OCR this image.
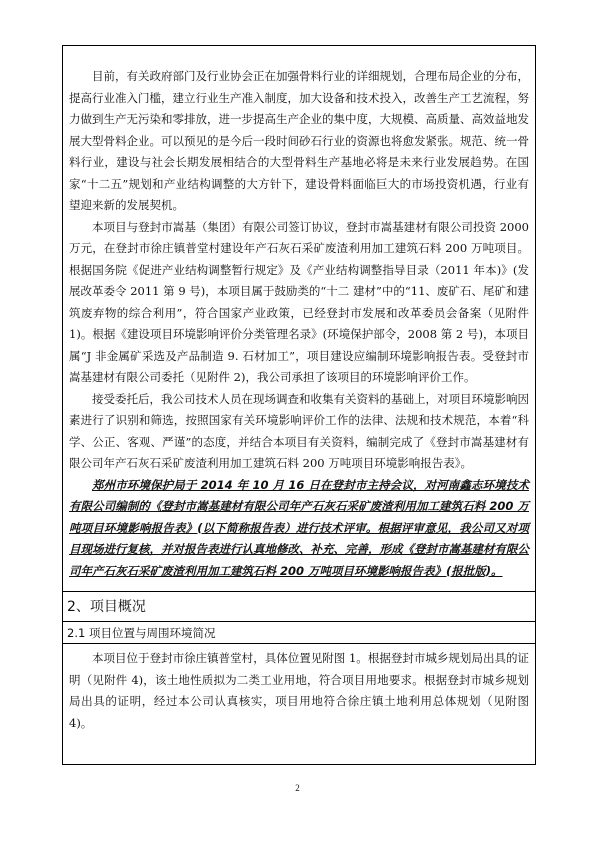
目前，有关政府部门及行业协会正在加强骨料行业的详细规划，合理布局企业的分布，提高行业准入门槛，建立行业生产准入制度，加大设备和技术投入，改善生产工艺流程，努力做到生产无污染和零排放，进一步提高生产企业的集中度，大规模、高质量、高效益地发展大型骨料企业。可以预见的是今后一段时间砂石行业的资源也将愈发紧张。规范、统一骨料行业，建设与社会长期发展相结合的大型骨料生产基地必将是未来行业发展趋势。在国家“十二五”规划和产业结构调整的大方针下，建设骨料面临巨大的市场投资机遇，行业有望迎来新的发展契机。

本项目与登封市嵩基（集团）有限公司签订协议，登封市嵩基建材有限公司投资 2000 万元，在登封市徐庄镇普堂村建设年产石灰石采矿废渣利用加工建筑石料 200 万吨项目。根据国务院《促进产业结构调整暂行规定》及《产业结构调整指导目录（2011 年本)》(发展改革委令 2011 第 9 号)，本项目属于鼓励类的“十二 建材”中的“11、废矿石、尾矿和建筑废弃物的综合利用”，符合国家产业政策，已经登封市发展和改革委员会备案（见附件 1)。根据《建设项目环境影响评价分类管理名录》(环境保护部令，2008 第 2 号)，本项目属“J 非金属矿采选及产品制造 9. 石材加工”，项目建设应编制环境影响报告表。受登封市嵩基建材有限公司委托（见附件 2)，我公司承担了该项目的环境影响评价工作。

接受委托后，我公司技术人员在现场调查和收集有关资料的基础上，对项目环境影响因素进行了识别和筛选，按照国家有关环境影响评价工作的法律、法规和技术规范，本着“科学、公正、客观、严谨”的态度，并结合本项目有关资料，编制完成了《登封市嵩基建材有限公司年产石灰石采矿废渣利用加工建筑石料 200 万吨项目环境影响报告表》。

郑州市环境保护局于 2014 年 10 月 16 日在登封市主持会议，对河南鑫志环境技术有限公司编制的《登封市嵩基建材有限公司年产石灰石采矿废渣利用加工建筑石料 200 万吨项目环境影响报告表》(以下简称报告表）进行技术评审。根据评审意见，我公司又对项目现场进行复核，并对报告表进行认真地修改、补充、完善，形成《登封市嵩基建材有限公司年产石灰石采矿废渣利用加工建筑石料 200 万吨项目环境影响报告表》(报批版)。

2、项目概况
2.1 项目位置与周围环境简况

本项目位于登封市徐庄镇普堂村，具体位置见附图 1。根据登封市城乡规划局出具的证明（见附件 4)，该土地性质拟为二类工业用地，符合项目用地要求。根据登封市城乡规划局出具的证明，经过本公司认真核实，项目用地符合徐庄镇土地利用总体规划（见附图 4)。

2
